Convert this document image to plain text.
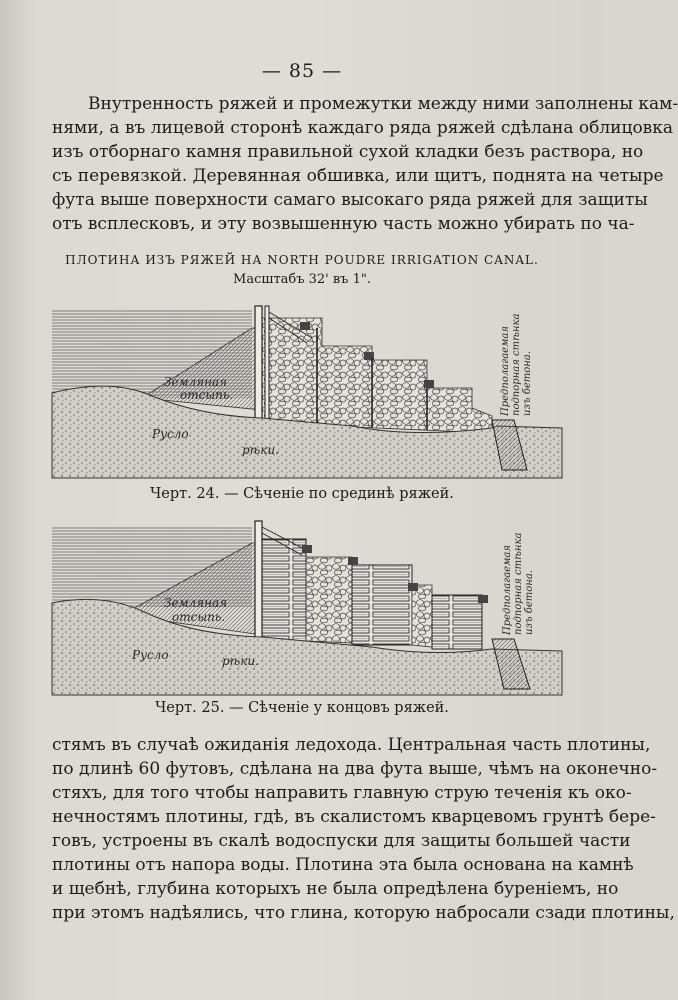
— 85 —

Внутренность ряжей и промежутки между ними заполнены кам-
нями, а въ лицевой сторонѣ каждаго ряда ряжей сдѣлана облицовка
изъ отборнаго камня правильной сухой кладки безъ раствора, но
съ перевязкой. Деревянная обшивка, или щитъ, поднята на четыре
фута выше поверхности самаго высокаго ряда ряжей для защиты
отъ всплесковъ, и эту возвышенную часть можно убирать по ча-

ПЛОТИНА ИЗЪ РЯЖЕЙ НА NORTH POUDRE IRRIGATION CANAL.
Масштабъ 32' въ 1".
Земляная
отсыпь.
Русло
рѣки.
Предполагаемая подпорная стѣнка изъ бетона.
Черт. 24. — Сѣченіе по срединѣ ряжей.
Земляная
отсыпь.
Русло	рѣки.
Предполагаемая подпорная стѣнка изъ бетона.
Черт. 25. — Сѣченіе у концовъ ряжей.

стямъ въ случаѣ ожиданія ледохода. Центральная часть плотины,
по длинѣ 60 футовъ, сдѣлана на два фута выше, чѣмъ на оконечно-
стяхъ, для того чтобы направить главную струю теченія къ око-
нечностямъ плотины, гдѣ, въ скалистомъ кварцевомъ грунтѣ бере-
говъ, устроены въ скалѣ водоспуски для защиты большей части
плотины отъ напора воды. Плотина эта была основана на камнѣ
и щебнѣ, глубина которыхъ не была опредѣлена буреніемъ, но
при этомъ надѣялись, что глина, которую набросали сзади плотины,
